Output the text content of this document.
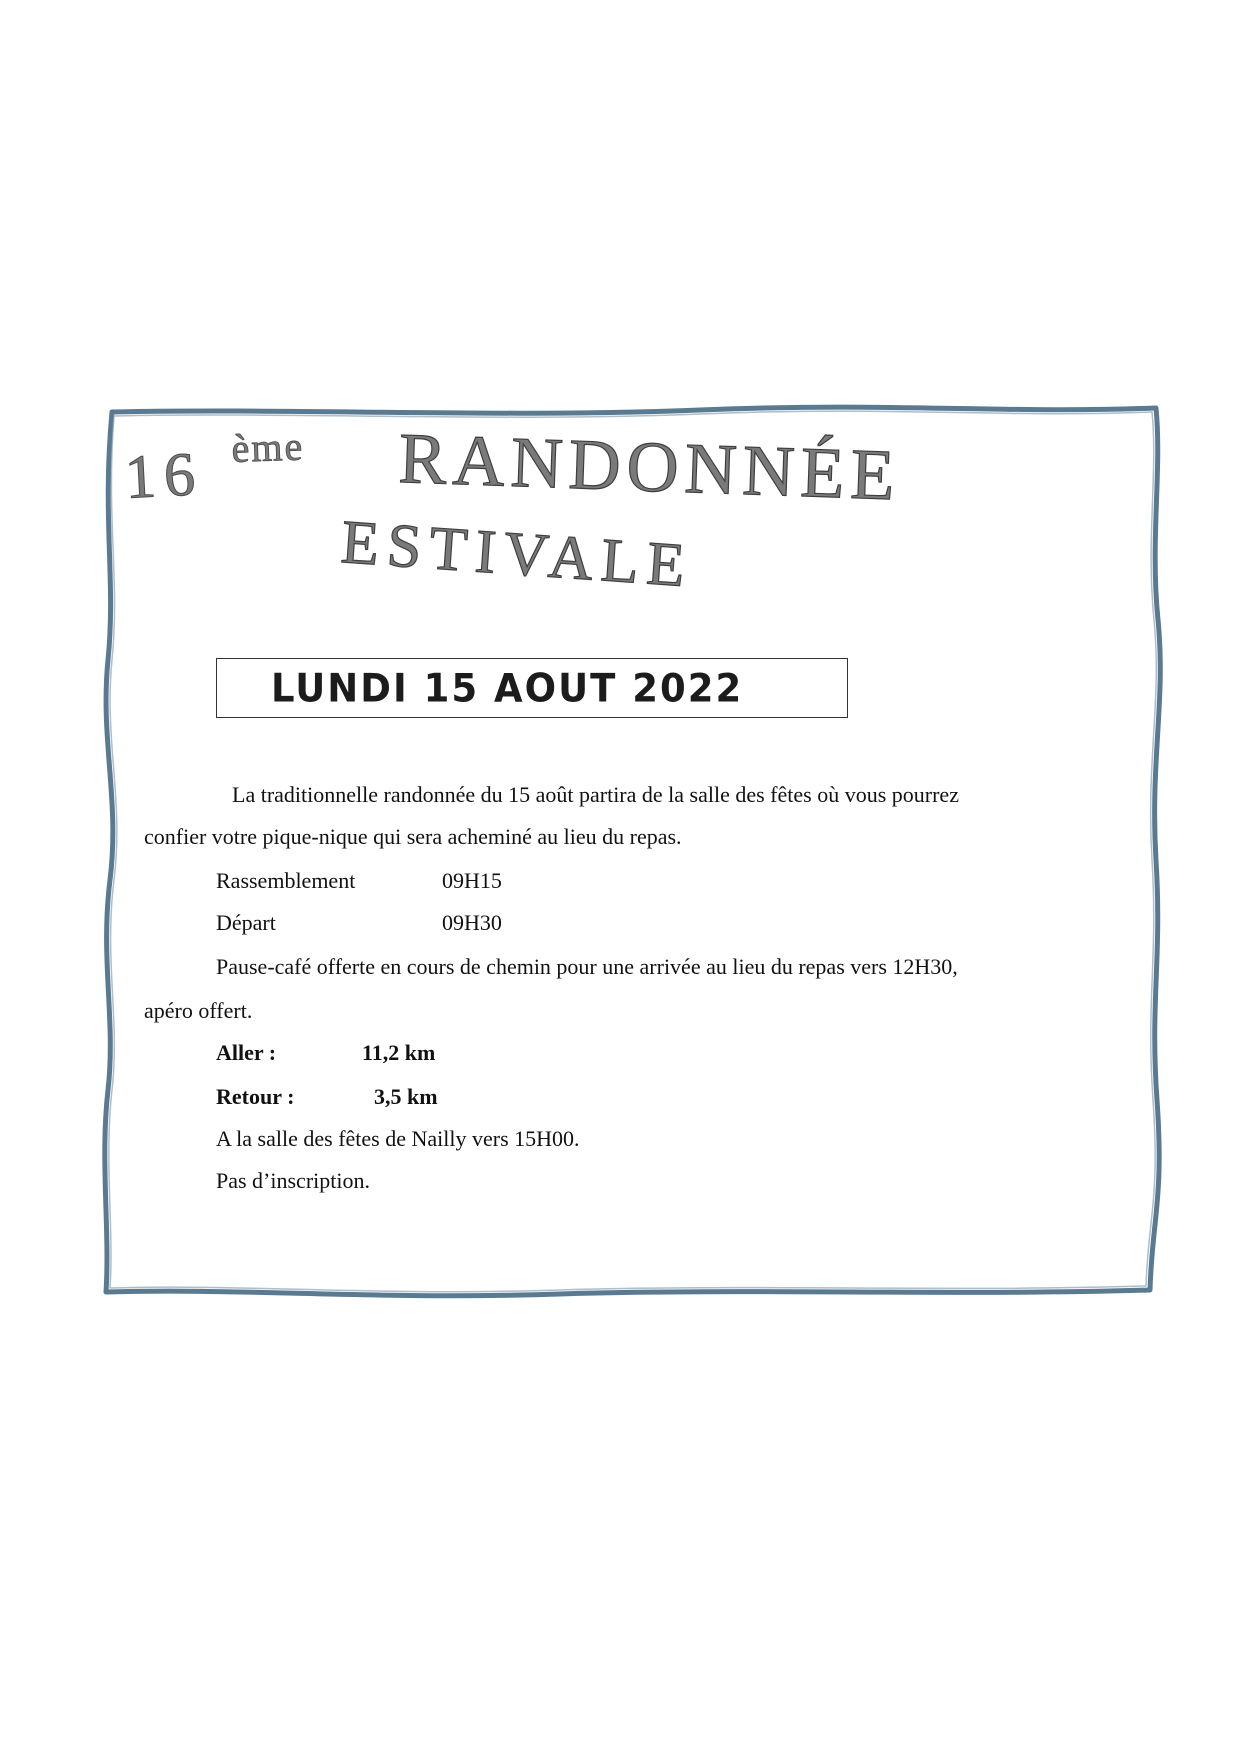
16 ème RANDONNÉE
ESTIVALE
LUNDI 15 AOUT 2022
La traditionnelle randonnée du 15 août partira de la salle des fêtes où vous pourrez
confier votre pique-nique qui sera acheminé au lieu du repas.
Rassemblement	09H15
Départ	09H30
Pause-café offerte en cours de chemin pour une arrivée au lieu du repas vers 12H30,
apéro offert.
Aller :	11,2 km
Retour :	3,5 km
A la salle des fêtes de Nailly vers 15H00.
Pas d’inscription.
